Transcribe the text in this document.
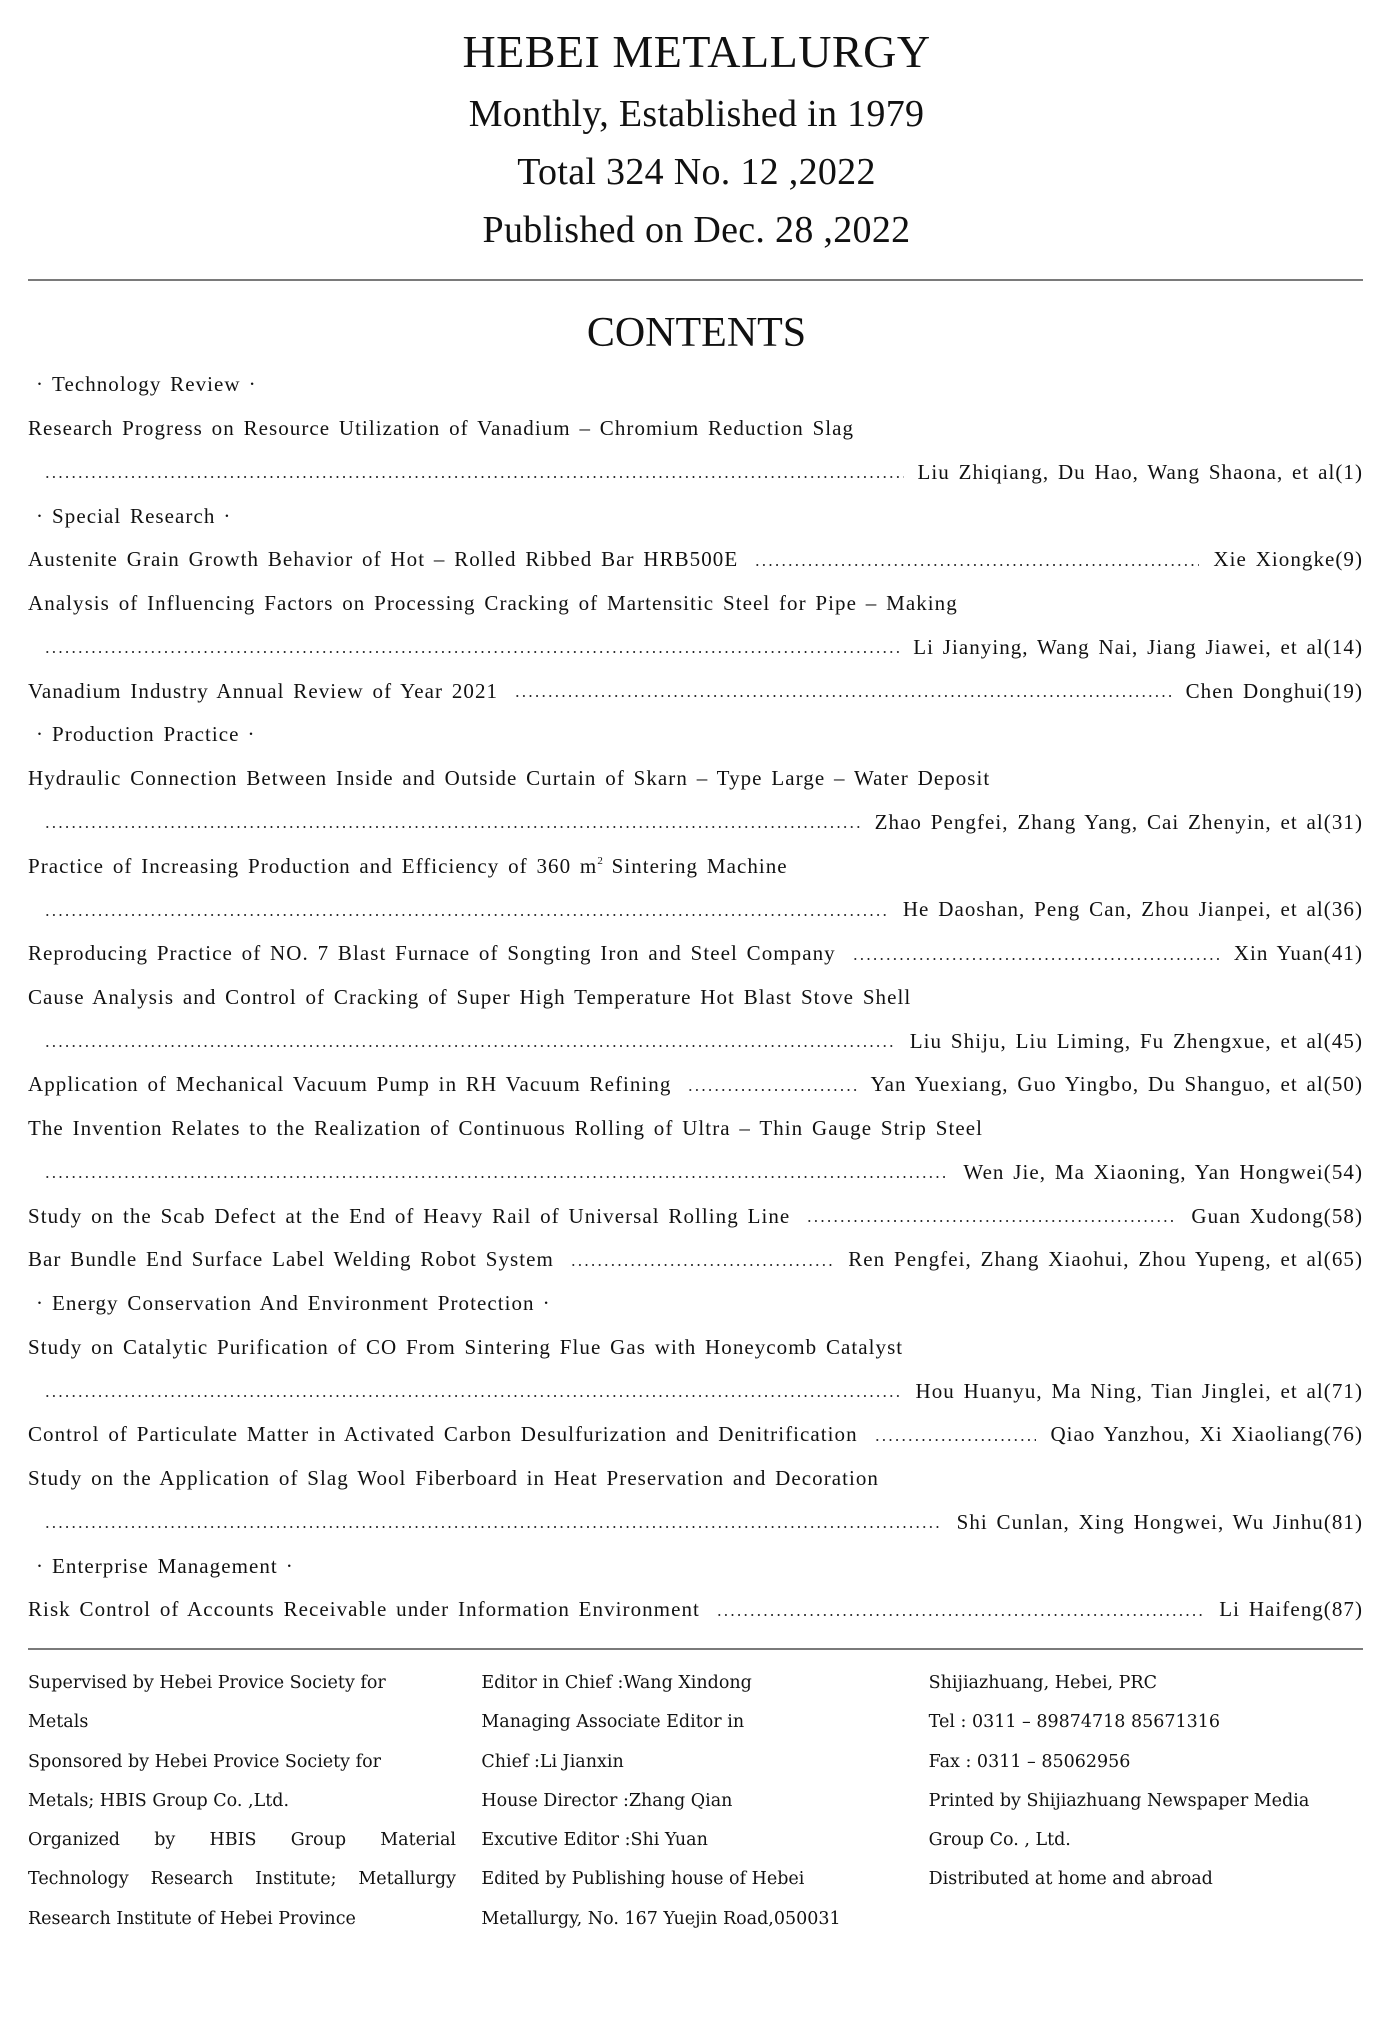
HEBEI METALLURGY
Monthly, Established in 1979
Total 324 No. 12 ,2022
Published on Dec. 28 ,2022
CONTENTS
· Technology Review ·
Research Progress on Resource Utilization of Vanadium – Chromium Reduction Slag
Liu Zhiqiang, Du Hao, Wang Shaona, et al(1)
· Special Research ·
Austenite Grain Growth Behavior of Hot – Rolled Ribbed Bar HRB500E	Xie Xiongke(9)
Analysis of Influencing Factors on Processing Cracking of Martensitic Steel for Pipe – Making
Li Jianying, Wang Nai, Jiang Jiawei, et al(14)
Vanadium Industry Annual Review of Year 2021	Chen Donghui(19)
· Production Practice ·
Hydraulic Connection Between Inside and Outside Curtain of Skarn – Type Large – Water Deposit
Zhao Pengfei, Zhang Yang, Cai Zhenyin, et al(31)
Practice of Increasing Production and Efficiency of 360 $m^2$ Sintering Machine
He Daoshan, Peng Can, Zhou Jianpei, et al(36)
Reproducing Practice of NO. 7 Blast Furnace of Songting Iron and Steel Company	Xin Yuan(41)
Cause Analysis and Control of Cracking of Super High Temperature Hot Blast Stove Shell
Liu Shiju, Liu Liming, Fu Zhengxue, et al(45)
Application of Mechanical Vacuum Pump in RH Vacuum Refining	Yan Yuexiang, Guo Yingbo, Du Shanguo, et al(50)
The Invention Relates to the Realization of Continuous Rolling of Ultra – Thin Gauge Strip Steel
Wen Jie, Ma Xiaoning, Yan Hongwei(54)
Study on the Scab Defect at the End of Heavy Rail of Universal Rolling Line	Guan Xudong(58)
Bar Bundle End Surface Label Welding Robot System	Ren Pengfei, Zhang Xiaohui, Zhou Yupeng, et al(65)
· Energy Conservation And Environment Protection ·
Study on Catalytic Purification of CO From Sintering Flue Gas with Honeycomb Catalyst
Hou Huanyu, Ma Ning, Tian Jinglei, et al(71)
Control of Particulate Matter in Activated Carbon Desulfurization and Denitrification	Qiao Yanzhou, Xi Xiaoliang(76)
Study on the Application of Slag Wool Fiberboard in Heat Preservation and Decoration
Shi Cunlan, Xing Hongwei, Wu Jinhu(81)
· Enterprise Management ·
Risk Control of Accounts Receivable under Information Environment	Li Haifeng(87)
Supervised by Hebei Provice Society for
Metals
Sponsored by Hebei Provice Society for
Metals; HBIS Group Co. ,Ltd.
Organized by HBIS Group Material
Technology Research Institute; Metallurgy
Research Institute of Hebei Province
Editor in Chief :Wang Xindong
Managing Associate Editor in
Chief :Li Jianxin
House Director :Zhang Qian
Excutive Editor :Shi Yuan
Edited by Publishing house of Hebei
Metallurgy, No. 167 Yuejin Road,050031
Shijiazhuang, Hebei, PRC
Tel : 0311 – 89874718 85671316
Fax : 0311 – 85062956
Printed by Shijiazhuang Newspaper Media
Group Co. , Ltd.
Distributed at home and abroad
